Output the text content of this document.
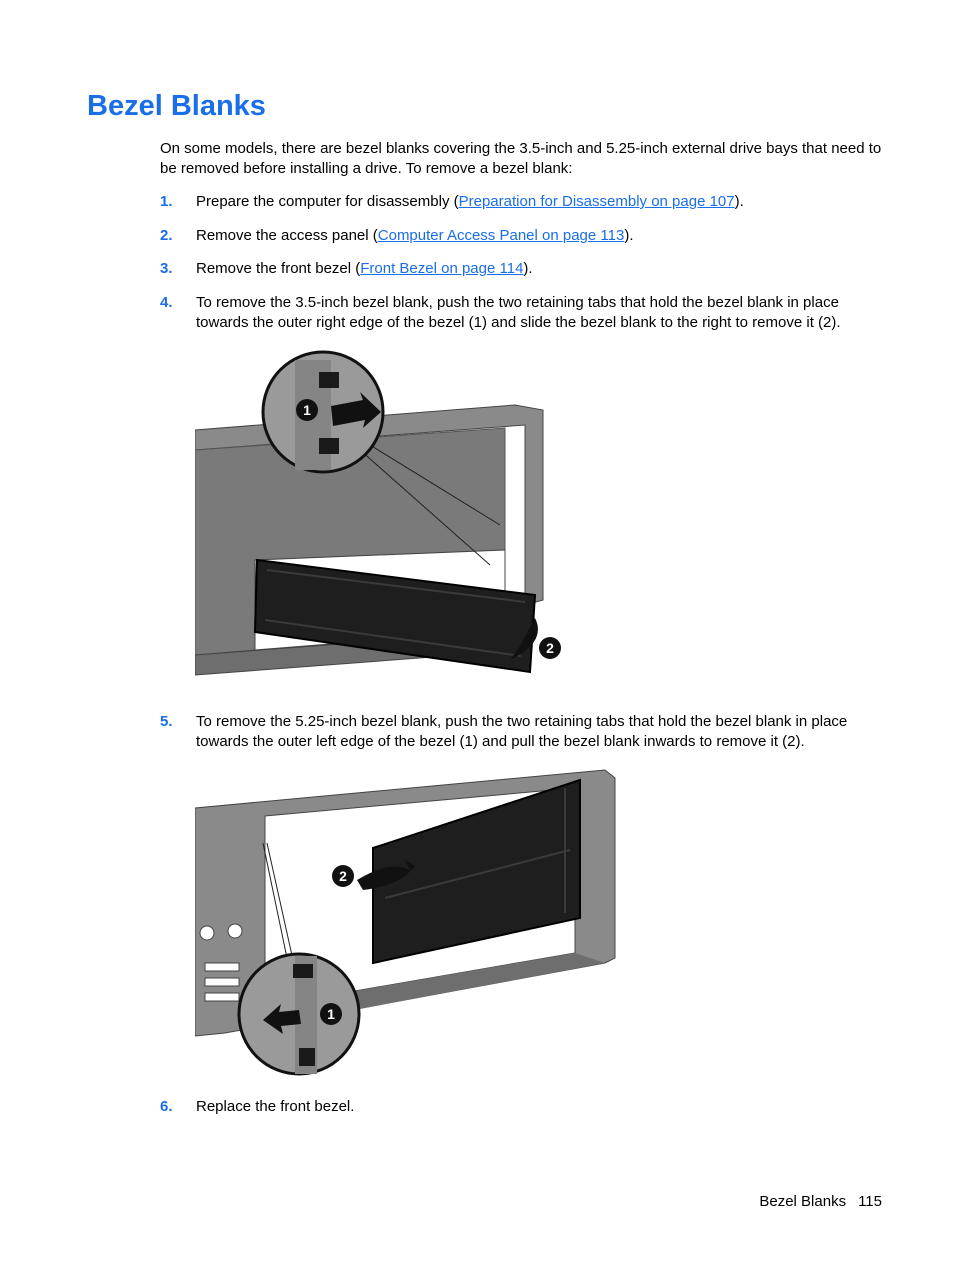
Bezel Blanks

On some models, there are bezel blanks covering the 3.5-inch and 5.25-inch external drive bays that need to be removed before installing a drive. To remove a bezel blank:

1. Prepare the computer for disassembly (Preparation for Disassembly on page 107).
2. Remove the access panel (Computer Access Panel on page 113).
3. Remove the front bezel (Front Bezel on page 114).
4. To remove the 3.5-inch bezel blank, push the two retaining tabs that hold the bezel blank in place towards the outer right edge of the bezel (1) and slide the bezel blank to the right to remove it (2).
2
1
5. To remove the 5.25-inch bezel blank, push the two retaining tabs that hold the bezel blank in place towards the outer left edge of the bezel (1) and pull the bezel blank inwards to remove it (2).
2
1
6. Replace the front bezel.
Bezel Blanks 115
